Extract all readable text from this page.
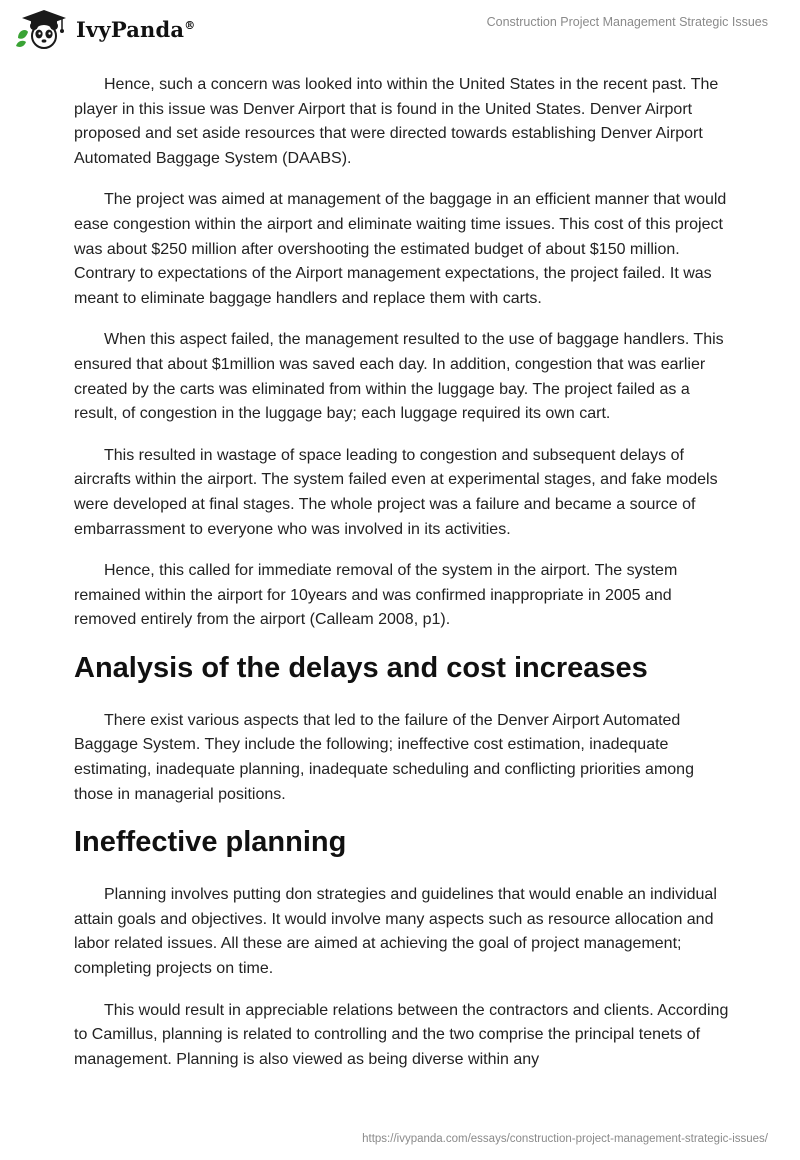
IvyPanda®	Construction Project Management Strategic Issues

Hence, such a concern was looked into within the United States in the recent past. The player in this issue was Denver Airport that is found in the United States. Denver Airport proposed and set aside resources that were directed towards establishing Denver Airport Automated Baggage System (DAABS).

The project was aimed at management of the baggage in an efficient manner that would ease congestion within the airport and eliminate waiting time issues. This cost of this project was about $250 million after overshooting the estimated budget of about $150 million. Contrary to expectations of the Airport management expectations, the project failed. It was meant to eliminate baggage handlers and replace them with carts.

When this aspect failed, the management resulted to the use of baggage handlers. This ensured that about $1million was saved each day. In addition, congestion that was earlier created by the carts was eliminated from within the luggage bay. The project failed as a result, of congestion in the luggage bay; each luggage required its own cart.

This resulted in wastage of space leading to congestion and subsequent delays of aircrafts within the airport. The system failed even at experimental stages, and fake models were developed at final stages. The whole project was a failure and became a source of embarrassment to everyone who was involved in its activities.

Hence, this called for immediate removal of the system in the airport. The system remained within the airport for 10years and was confirmed inappropriate in 2005 and removed entirely from the airport (Calleam 2008, p1).

Analysis of the delays and cost increases

There exist various aspects that led to the failure of the Denver Airport Automated Baggage System. They include the following; ineffective cost estimation, inadequate estimating, inadequate planning, inadequate scheduling and conflicting priorities among those in managerial positions.

Ineffective planning

Planning involves putting don strategies and guidelines that would enable an individual attain goals and objectives. It would involve many aspects such as resource allocation and labor related issues. All these are aimed at achieving the goal of project management; completing projects on time.

This would result in appreciable relations between the contractors and clients. According to Camillus, planning is related to controlling and the two comprise the principal tenets of management. Planning is also viewed as being diverse within any

https://ivypanda.com/essays/construction-project-management-strategic-issues/
